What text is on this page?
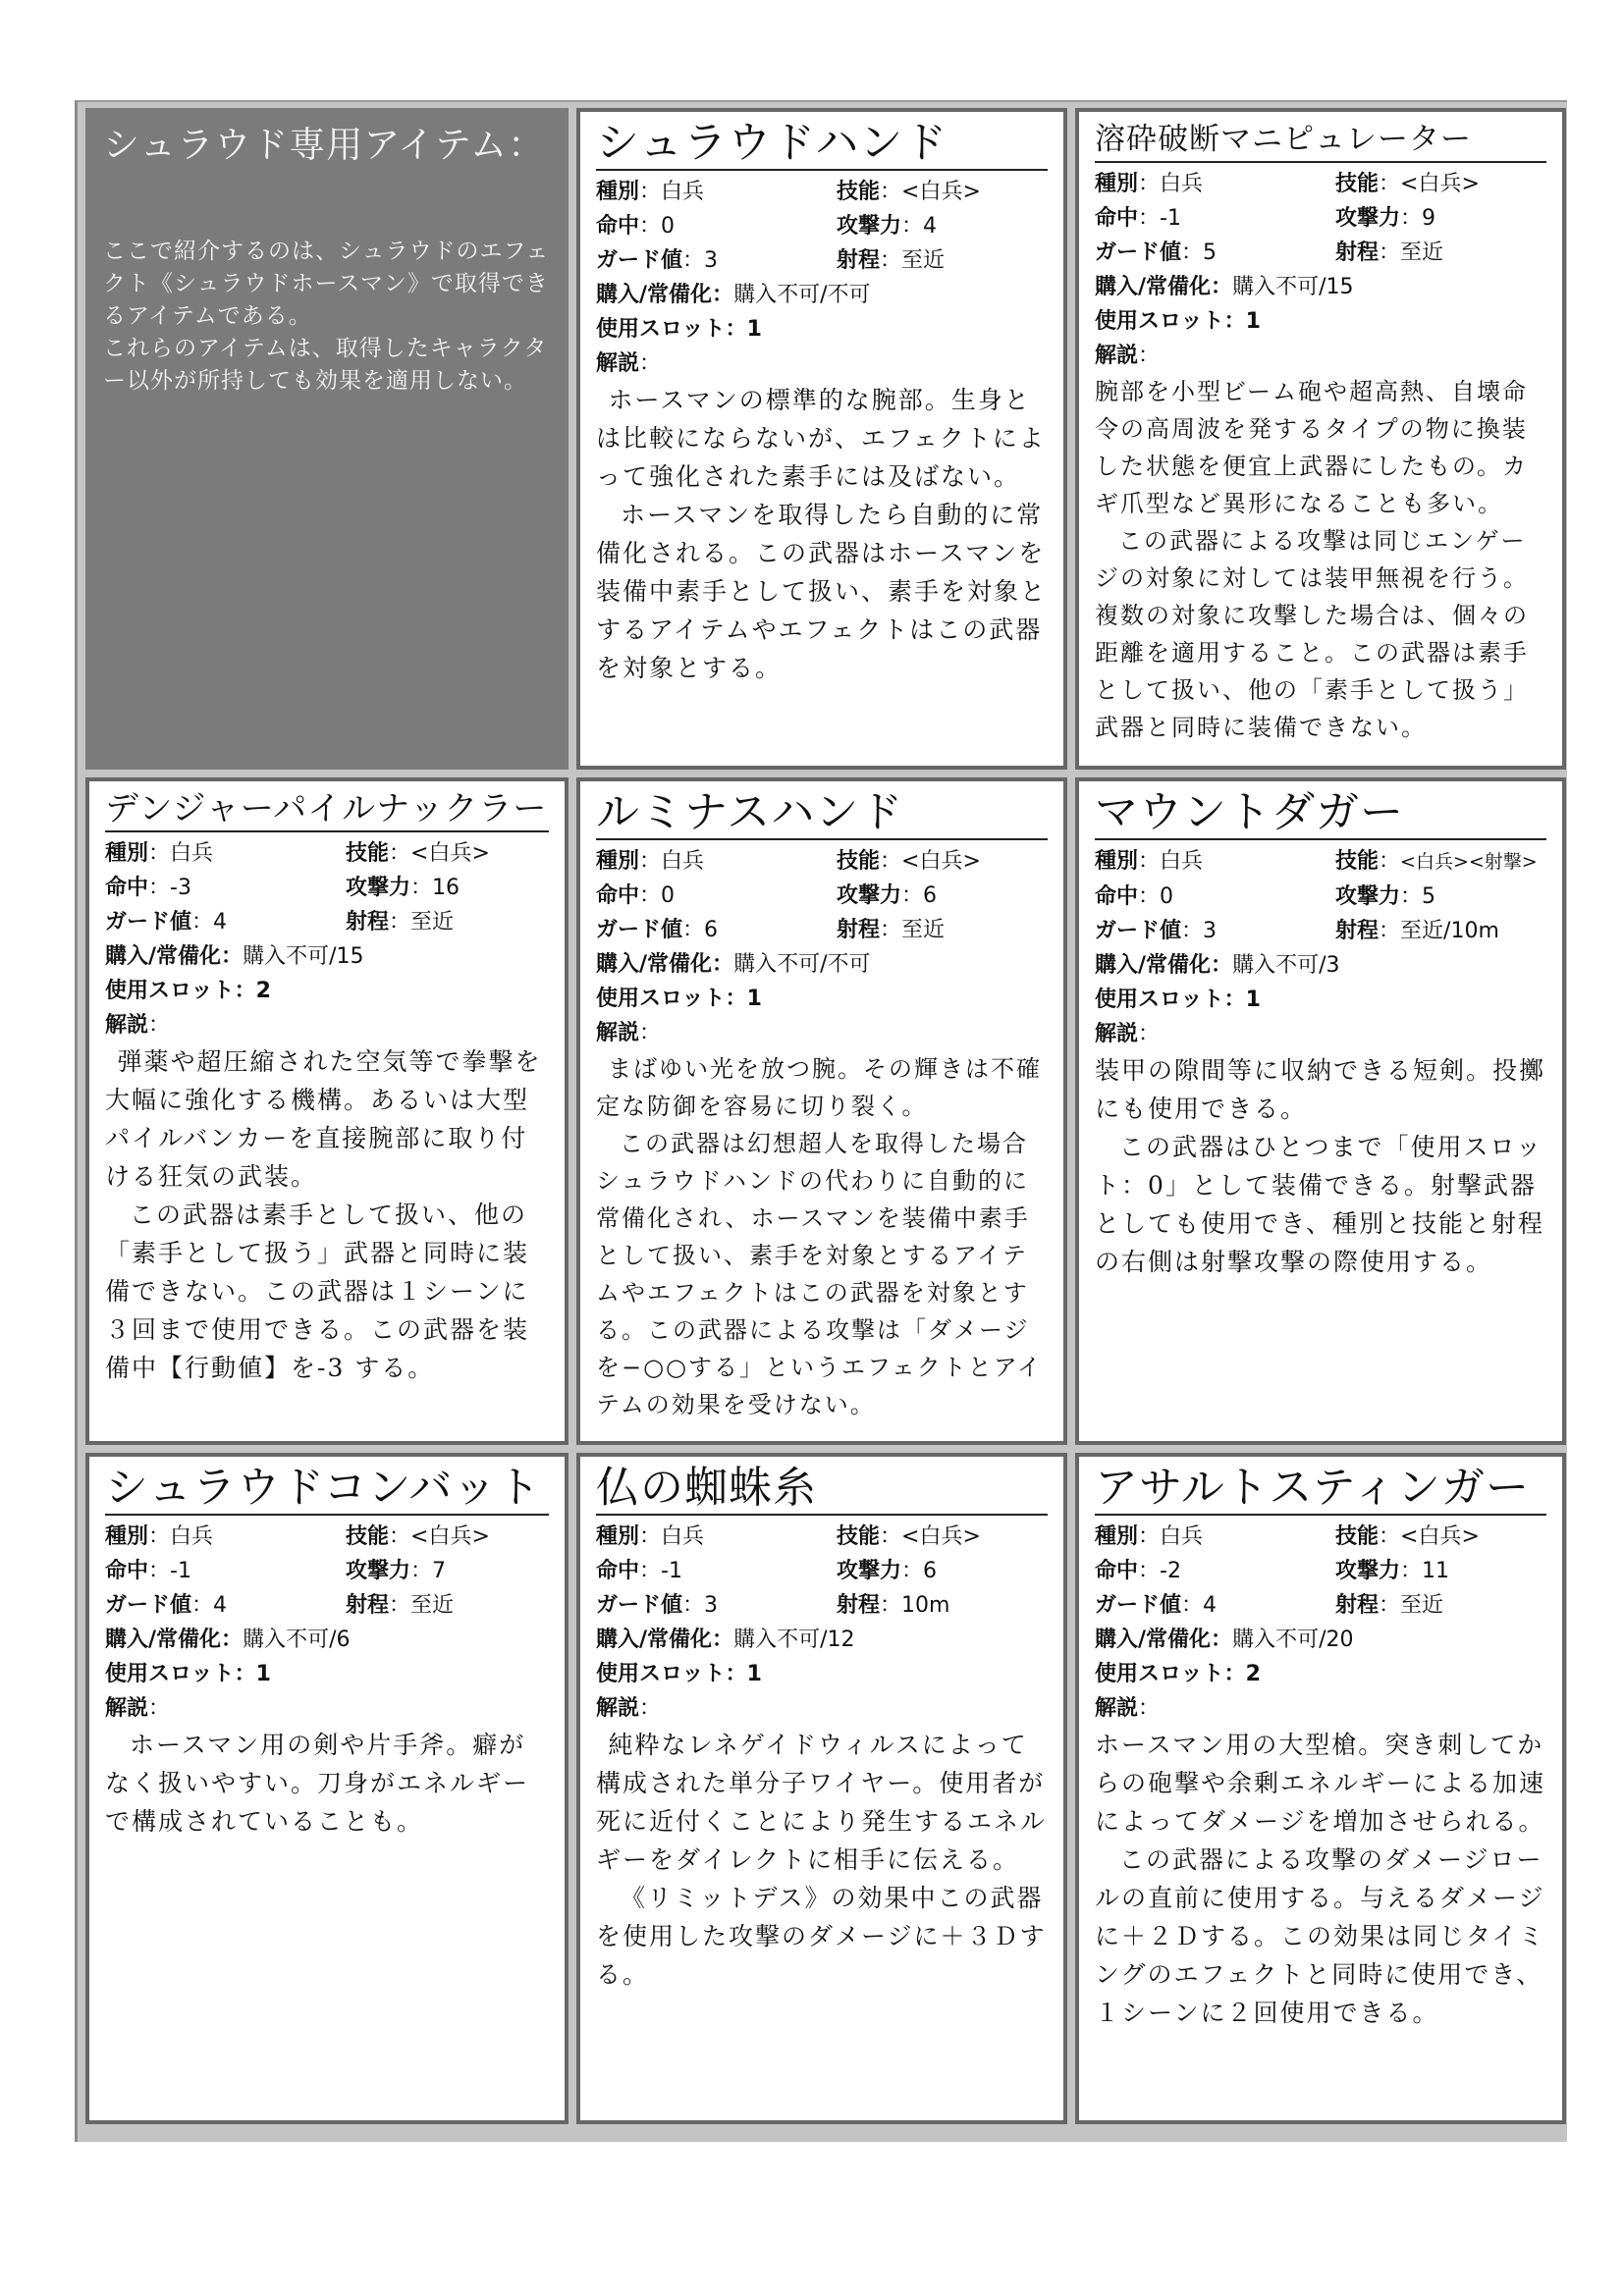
シュラウド専用アイテム：

ここで紹介するのは、シュラウドのエフェクト《シュラウドホースマン》で取得できるアイテムである。

これらのアイテムは、取得したキャラクター以外が所持しても効果を適用しない。

シュラウドハンド
種別：白兵	技能：<白兵>
命中：0	攻撃力：4
ガード値：3	射程：至近
購入/常備化：購入不可/不可
使用スロット：1
解説：

ホースマンの標準的な腕部。生身とは比較にならないが、エフェクトによって強化された素手には及ばない。

ホースマンを取得したら自動的に常備化される。この武器はホースマンを装備中素手として扱い、素手を対象とするアイテムやエフェクトはこの武器を対象とする。

溶砕破断マニピュレーター
種別：白兵	技能：<白兵>
命中：-1	攻撃力：9
ガード値：5	射程：至近
購入/常備化：購入不可/15
使用スロット：1
解説：

腕部を小型ビーム砲や超高熱、自壊命令の高周波を発するタイプの物に換装した状態を便宜上武器にしたもの。カギ爪型など異形になることも多い。

この武器による攻撃は同じエンゲージの対象に対しては装甲無視を行う。複数の対象に攻撃した場合は、個々の距離を適用すること。この武器は素手として扱い、他の「素手として扱う」武器と同時に装備できない。

デンジャーパイルナックラー
種別：白兵	技能：<白兵>
命中：-3	攻撃力：16
ガード値：4	射程：至近
購入/常備化：購入不可/15
使用スロット：2
解説：

弾薬や超圧縮された空気等で拳撃を大幅に強化する機構。あるいは大型パイルバンカーを直接腕部に取り付ける狂気の武装。

この武器は素手として扱い、他の「素手として扱う」武器と同時に装備できない。この武器は１シーンに３回まで使用できる。この武器を装備中【行動値】を-3 する。

ルミナスハンド
種別：白兵	技能：<白兵>
命中：0	攻撃力：6
ガード値：6	射程：至近
購入/常備化：購入不可/不可
使用スロット：1
解説：

まばゆい光を放つ腕。その輝きは不確定な防御を容易に切り裂く。

この武器は幻想超人を取得した場合シュラウドハンドの代わりに自動的に常備化され、ホースマンを装備中素手として扱い、素手を対象とするアイテムやエフェクトはこの武器を対象とする。この武器による攻撃は「ダメージを−○○する」というエフェクトとアイテムの効果を受けない。

マウントダガー
種別：白兵	技能：<白兵><射撃>
命中：0	攻撃力：5
ガード値：3	射程：至近/10m
購入/常備化：購入不可/3
使用スロット：1
解説：

装甲の隙間等に収納できる短剣。投擲にも使用できる。

この武器はひとつまで「使用スロット：0」として装備できる。射撃武器としても使用でき、種別と技能と射程の右側は射撃攻撃の際使用する。

シュラウドコンバット
種別：白兵	技能：<白兵>
命中：-1	攻撃力：7
ガード値：4	射程：至近
購入/常備化：購入不可/6
使用スロット：1
解説：

ホースマン用の剣や片手斧。癖がなく扱いやすい。刀身がエネルギーで構成されていることも。

仏の蜘蛛糸
種別：白兵	技能：<白兵>
命中：-1	攻撃力：6
ガード値：3	射程：10m
購入/常備化：購入不可/12
使用スロット：1
解説：

純粋なレネゲイドウィルスによって構成された単分子ワイヤー。使用者が死に近付くことにより発生するエネルギーをダイレクトに相手に伝える。

《リミットデス》の効果中この武器を使用した攻撃のダメージに＋３Ｄする。

アサルトスティンガー
種別：白兵	技能：<白兵>
命中：-2	攻撃力：11
ガード値：4	射程：至近
購入/常備化：購入不可/20
使用スロット：2
解説：

ホースマン用の大型槍。突き刺してからの砲撃や余剰エネルギーによる加速によってダメージを増加させられる。

この武器による攻撃のダメージロールの直前に使用する。与えるダメージに＋２Ｄする。この効果は同じタイミングのエフェクトと同時に使用でき、１シーンに２回使用できる。
